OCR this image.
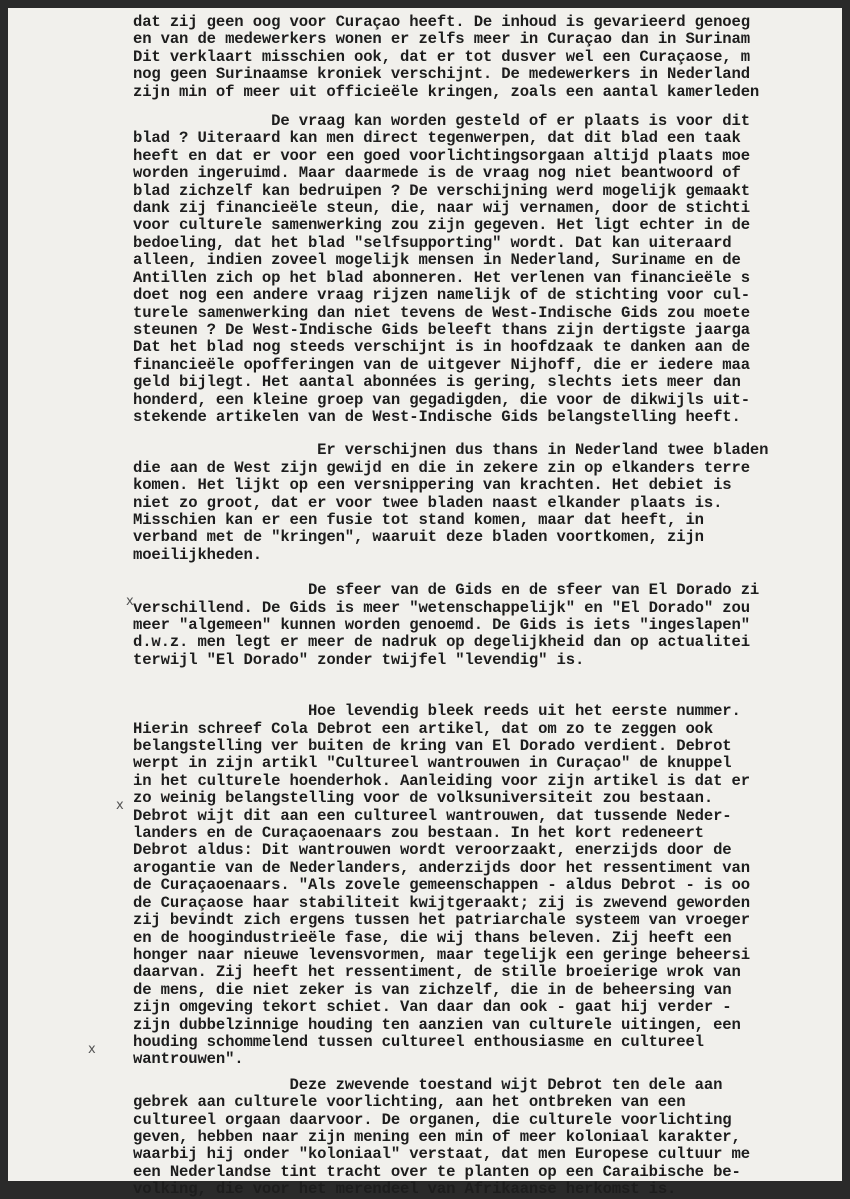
x
x
x
dat zij geen oog voor Curaçao heeft. De inhoud is gevarieerd genoeg
en van de medewerkers wonen er zelfs meer in Curaçao dan in Surinam
Dit verklaart misschien ook, dat er tot dusver wel een Curaçaose, m
nog geen Surinaamse kroniek verschijnt. De medewerkers in Nederland
zijn min of meer uit officieële kringen, zoals een aantal kamerleden
De vraag kan worden gesteld of er plaats is voor dit
blad ? Uiteraard kan men direct tegenwerpen, dat dit blad een taak
heeft en dat er voor een goed voorlichtingsorgaan altijd plaats moe
worden ingeruimd. Maar daarmede is de vraag nog niet beantwoord of
blad zichzelf kan bedruipen ? De verschijning werd mogelijk gemaakt
dank zij financieële steun, die, naar wij vernamen, door de stichti
voor culturele samenwerking zou zijn gegeven. Het ligt echter in de
bedoeling, dat het blad "selfsupporting" wordt. Dat kan uiteraard
alleen, indien zoveel mogelijk mensen in Nederland, Suriname en de
Antillen zich op het blad abonneren. Het verlenen van financieële s
doet nog een andere vraag rijzen namelijk of de stichting voor cul-
turele samenwerking dan niet tevens de West-Indische Gids zou moete
steunen ? De West-Indische Gids beleeft thans zijn dertigste jaarga
Dat het blad nog steeds verschijnt is in hoofdzaak te danken aan de
financieële opofferingen van de uitgever Nijhoff, die er iedere maa
geld bijlegt. Het aantal abonnées is gering, slechts iets meer dan
honderd, een kleine groep van gegadigden, die voor de dikwijls uit-
stekende artikelen van de West-Indische Gids belangstelling heeft.
Er verschijnen dus thans in Nederland twee bladen
die aan de West zijn gewijd en die in zekere zin op elkanders terre
komen. Het lijkt op een versnippering van krachten. Het debiet is
niet zo groot, dat er voor twee bladen naast elkander plaats is.
Misschien kan er een fusie tot stand komen, maar dat heeft, in
verband met de "kringen", waaruit deze bladen voortkomen, zijn
moeilijkheden.
De sfeer van de Gids en de sfeer van El Dorado zi
verschillend. De Gids is meer "wetenschappelijk" en "El Dorado" zou
meer "algemeen" kunnen worden genoemd. De Gids is iets "ingeslapen"
d.w.z. men legt er meer de nadruk op degelijkheid dan op actualitei
terwijl "El Dorado" zonder twijfel "levendig" is.
Hoe levendig bleek reeds uit het eerste nummer.
Hierin schreef Cola Debrot een artikel, dat om zo te zeggen ook
belangstelling ver buiten de kring van El Dorado verdient. Debrot
werpt in zijn artikl "Cultureel wantrouwen in Curaçao" de knuppel
in het culturele hoenderhok. Aanleiding voor zijn artikel is dat er
zo weinig belangstelling voor de volksuniversiteit zou bestaan.
Debrot wijt dit aan een cultureel wantrouwen, dat tussende Neder-
landers en de Curaçaoenaars zou bestaan. In het kort redeneert
Debrot aldus: Dit wantrouwen wordt veroorzaakt, enerzijds door de
arogantie van de Nederlanders, anderzijds door het ressentiment van
de Curaçaoenaars. "Als zovele gemeenschappen - aldus Debrot - is oo
de Curaçaose haar stabiliteit kwijtgeraakt; zij is zwevend geworden
zij bevindt zich ergens tussen het patriarchale systeem van vroeger
en de hoogindustrieële fase, die wij thans beleven. Zij heeft een
honger naar nieuwe levensvormen, maar tegelijk een geringe beheersi
daarvan. Zij heeft het ressentiment, de stille broeierige wrok van
de mens, die niet zeker is van zichzelf, die in de beheersing van
zijn omgeving tekort schiet. Van daar dan ook - gaat hij verder -
zijn dubbelzinnige houding ten aanzien van culturele uitingen, een
houding schommelend tussen cultureel enthousiasme en cultureel
wantrouwen".
Deze zwevende toestand wijt Debrot ten dele aan
gebrek aan culturele voorlichting, aan het ontbreken van een
cultureel orgaan daarvoor. De organen, die culturele voorlichting
geven, hebben naar zijn mening een min of meer koloniaal karakter,
waarbij hij onder "koloniaal" verstaat, dat men Europese cultuur me
een Nederlandse tint tracht over te planten op een Caraibische be-
volking, die voor het merendeel van Afrikaanse herkomst is.
